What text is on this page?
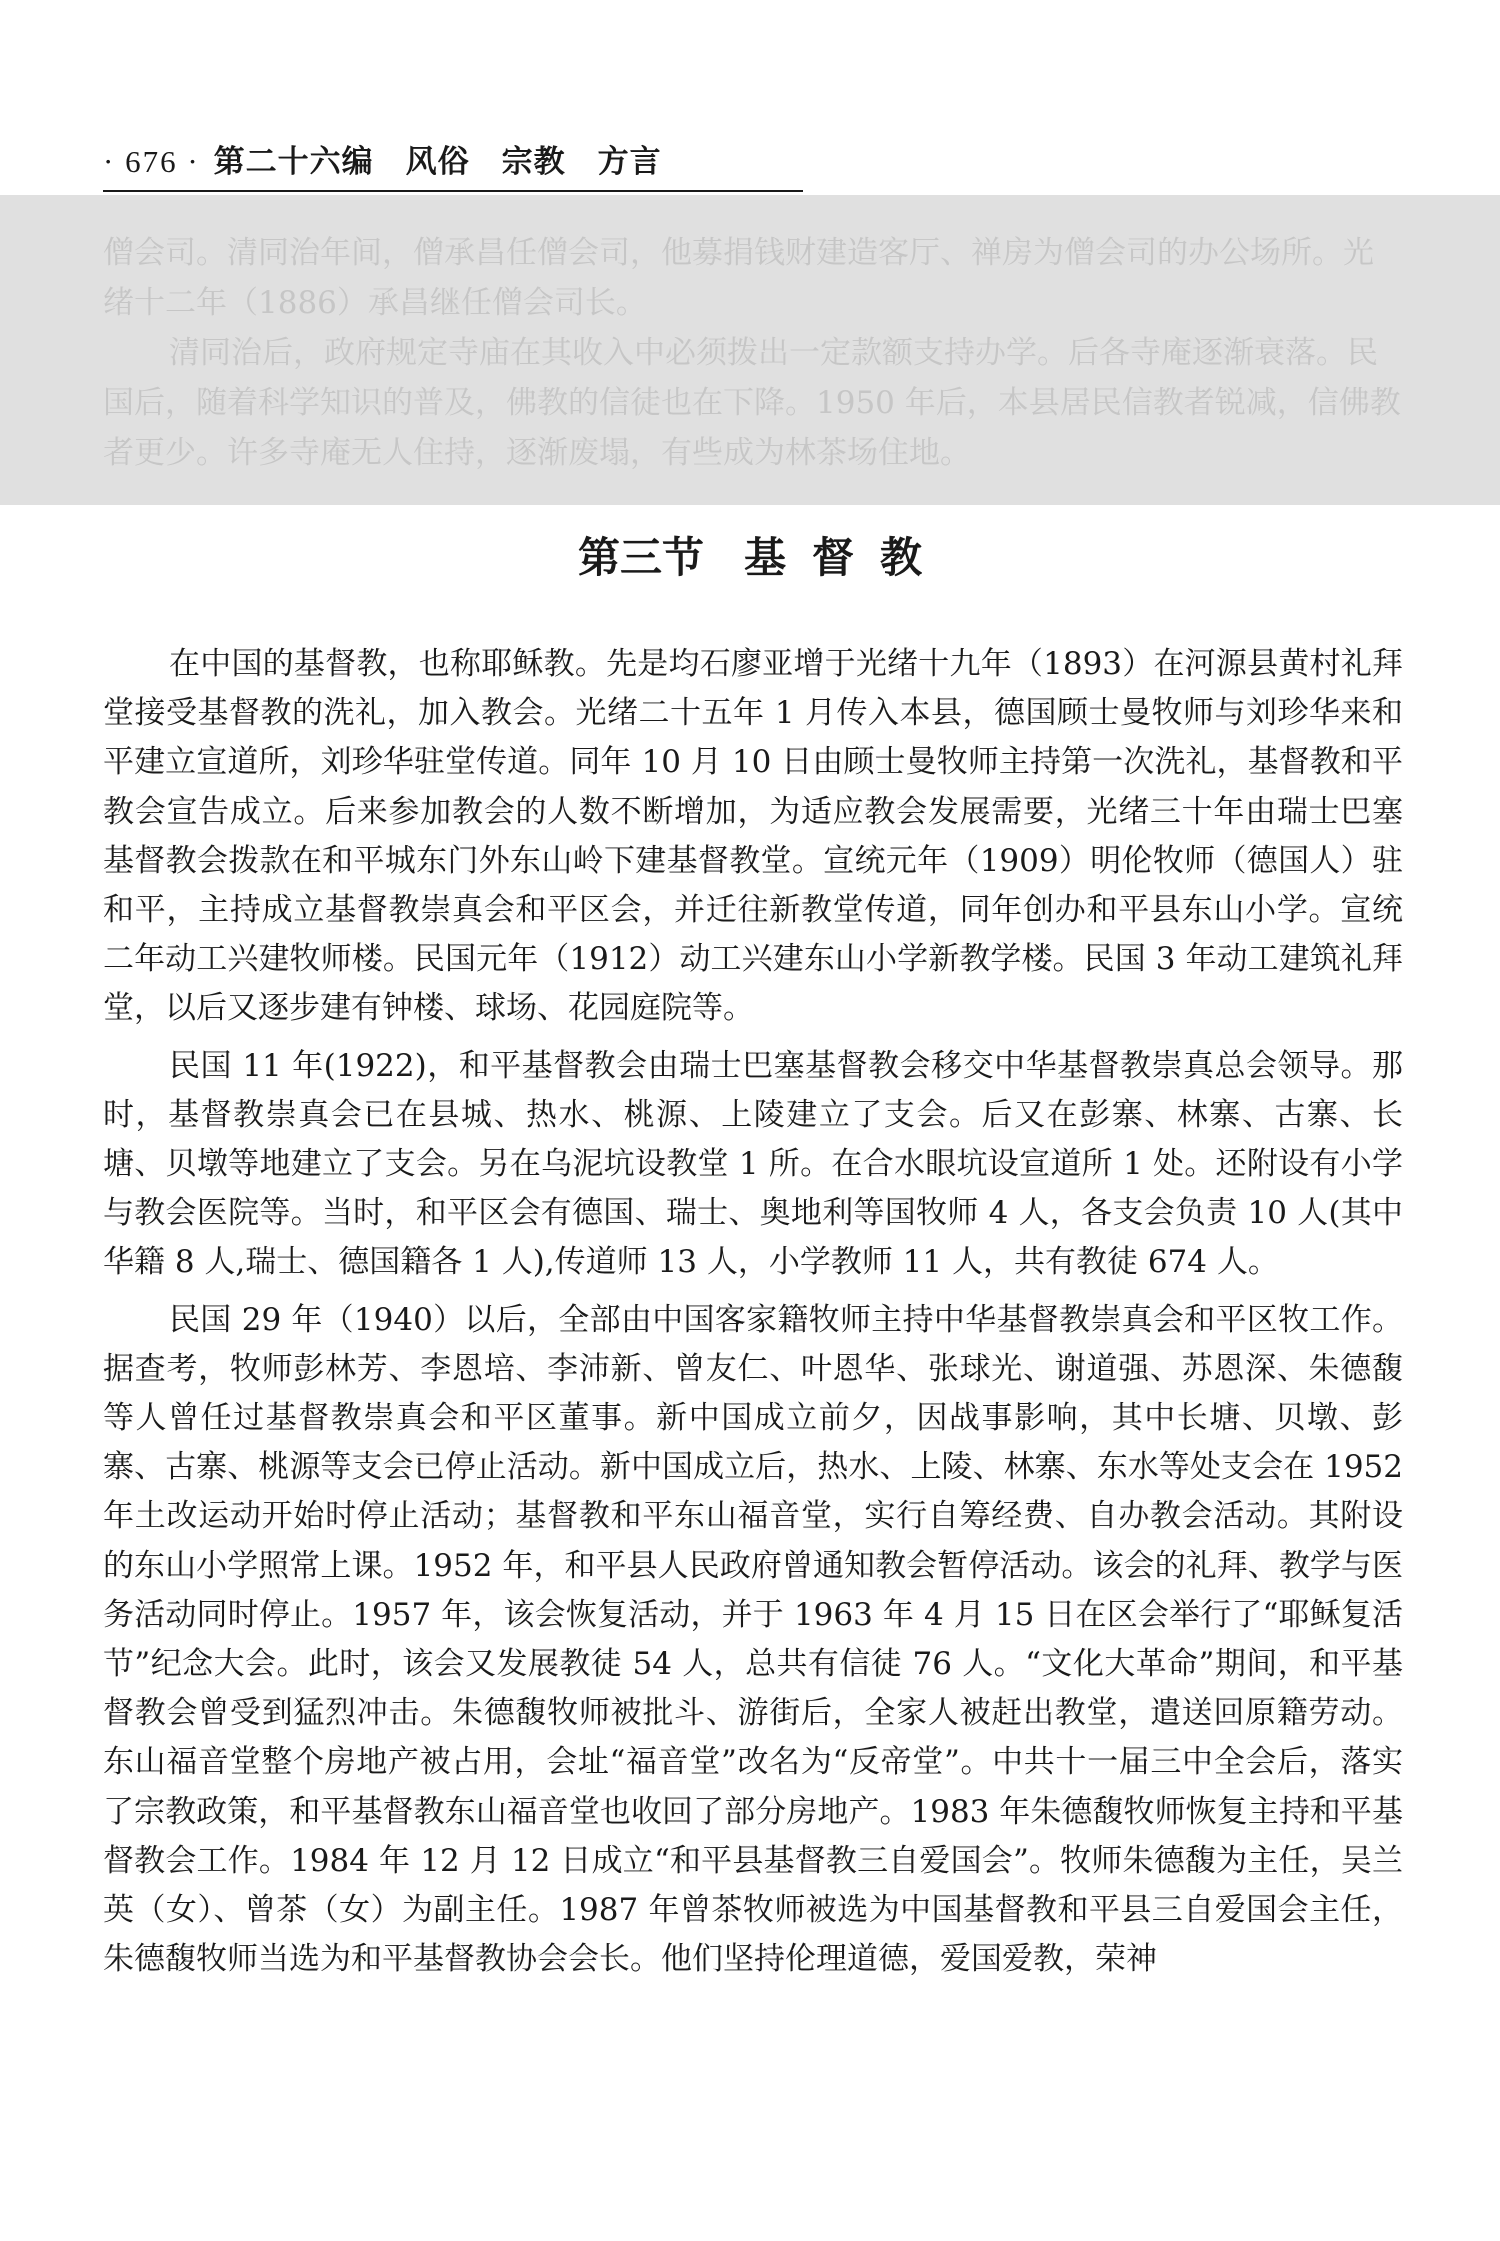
· 676 · 第二十六编　风俗　宗教　方言

僧会司。清同治年间，僧承昌任僧会司，他募捐钱财建造客厅、禅房为僧会司的办公场所。光绪十二年（1886）承昌继任僧会司长。

清同治后，政府规定寺庙在其收入中必须拨出一定款额支持办学。后各寺庵逐渐衰落。民国后，随着科学知识的普及，佛教的信徒也在下降。1950 年后，本县居民信教者锐减，信佛教者更少。许多寺庵无人住持，逐渐废塌，有些成为林茶场住地。

第三节 基 督 教

在中国的基督教，也称耶稣教。先是均石廖亚增于光绪十九年（1893）在河源县黄村礼拜堂接受基督教的洗礼，加入教会。光绪二十五年 1 月传入本县，德国顾士曼牧师与刘珍华来和平建立宣道所，刘珍华驻堂传道。同年 10 月 10 日由顾士曼牧师主持第一次洗礼，基督教和平教会宣告成立。后来参加教会的人数不断增加，为适应教会发展需要，光绪三十年由瑞士巴塞基督教会拨款在和平城东门外东山岭下建基督教堂。宣统元年（1909）明伦牧师（德国人）驻和平，主持成立基督教崇真会和平区会，并迁往新教堂传道，同年创办和平县东山小学。宣统二年动工兴建牧师楼。民国元年（1912）动工兴建东山小学新教学楼。民国 3 年动工建筑礼拜堂，以后又逐步建有钟楼、球场、花园庭院等。

民国 11 年(1922)，和平基督教会由瑞士巴塞基督教会移交中华基督教崇真总会领导。那时，基督教崇真会已在县城、热水、桃源、上陵建立了支会。后又在彭寨、林寨、古寨、长塘、贝墩等地建立了支会。另在乌泥坑设教堂 1 所。在合水眼坑设宣道所 1 处。还附设有小学与教会医院等。当时，和平区会有德国、瑞士、奥地利等国牧师 4 人，各支会负责 10 人(其中华籍 8 人,瑞士、德国籍各 1 人),传道师 13 人，小学教师 11 人，共有教徒 674 人。

民国 29 年（1940）以后，全部由中国客家籍牧师主持中华基督教崇真会和平区牧工作。据查考，牧师彭林芳、李恩培、李沛新、曾友仁、叶恩华、张球光、谢道强、苏恩深、朱德馥等人曾任过基督教崇真会和平区董事。新中国成立前夕，因战事影响，其中长塘、贝墩、彭寨、古寨、桃源等支会已停止活动。新中国成立后，热水、上陵、林寨、东水等处支会在 1952 年土改运动开始时停止活动；基督教和平东山福音堂，实行自筹经费、自办教会活动。其附设的东山小学照常上课。1952 年，和平县人民政府曾通知教会暂停活动。该会的礼拜、教学与医务活动同时停止。1957 年，该会恢复活动，并于 1963 年 4 月 15 日在区会举行了“耶稣复活节”纪念大会。此时，该会又发展教徒 54 人，总共有信徒 76 人。“文化大革命”期间，和平基督教会曾受到猛烈冲击。朱德馥牧师被批斗、游街后，全家人被赶出教堂，遣送回原籍劳动。东山福音堂整个房地产被占用，会址“福音堂”改名为“反帝堂”。中共十一届三中全会后，落实了宗教政策，和平基督教东山福音堂也收回了部分房地产。1983 年朱德馥牧师恢复主持和平基督教会工作。1984 年 12 月 12 日成立“和平县基督教三自爱国会”。牧师朱德馥为主任，吴兰英（女）、曾茶（女）为副主任。1987 年曾茶牧师被选为中国基督教和平县三自爱国会主任，朱德馥牧师当选为和平基督教协会会长。他们坚持伦理道德，爱国爱教，荣神
